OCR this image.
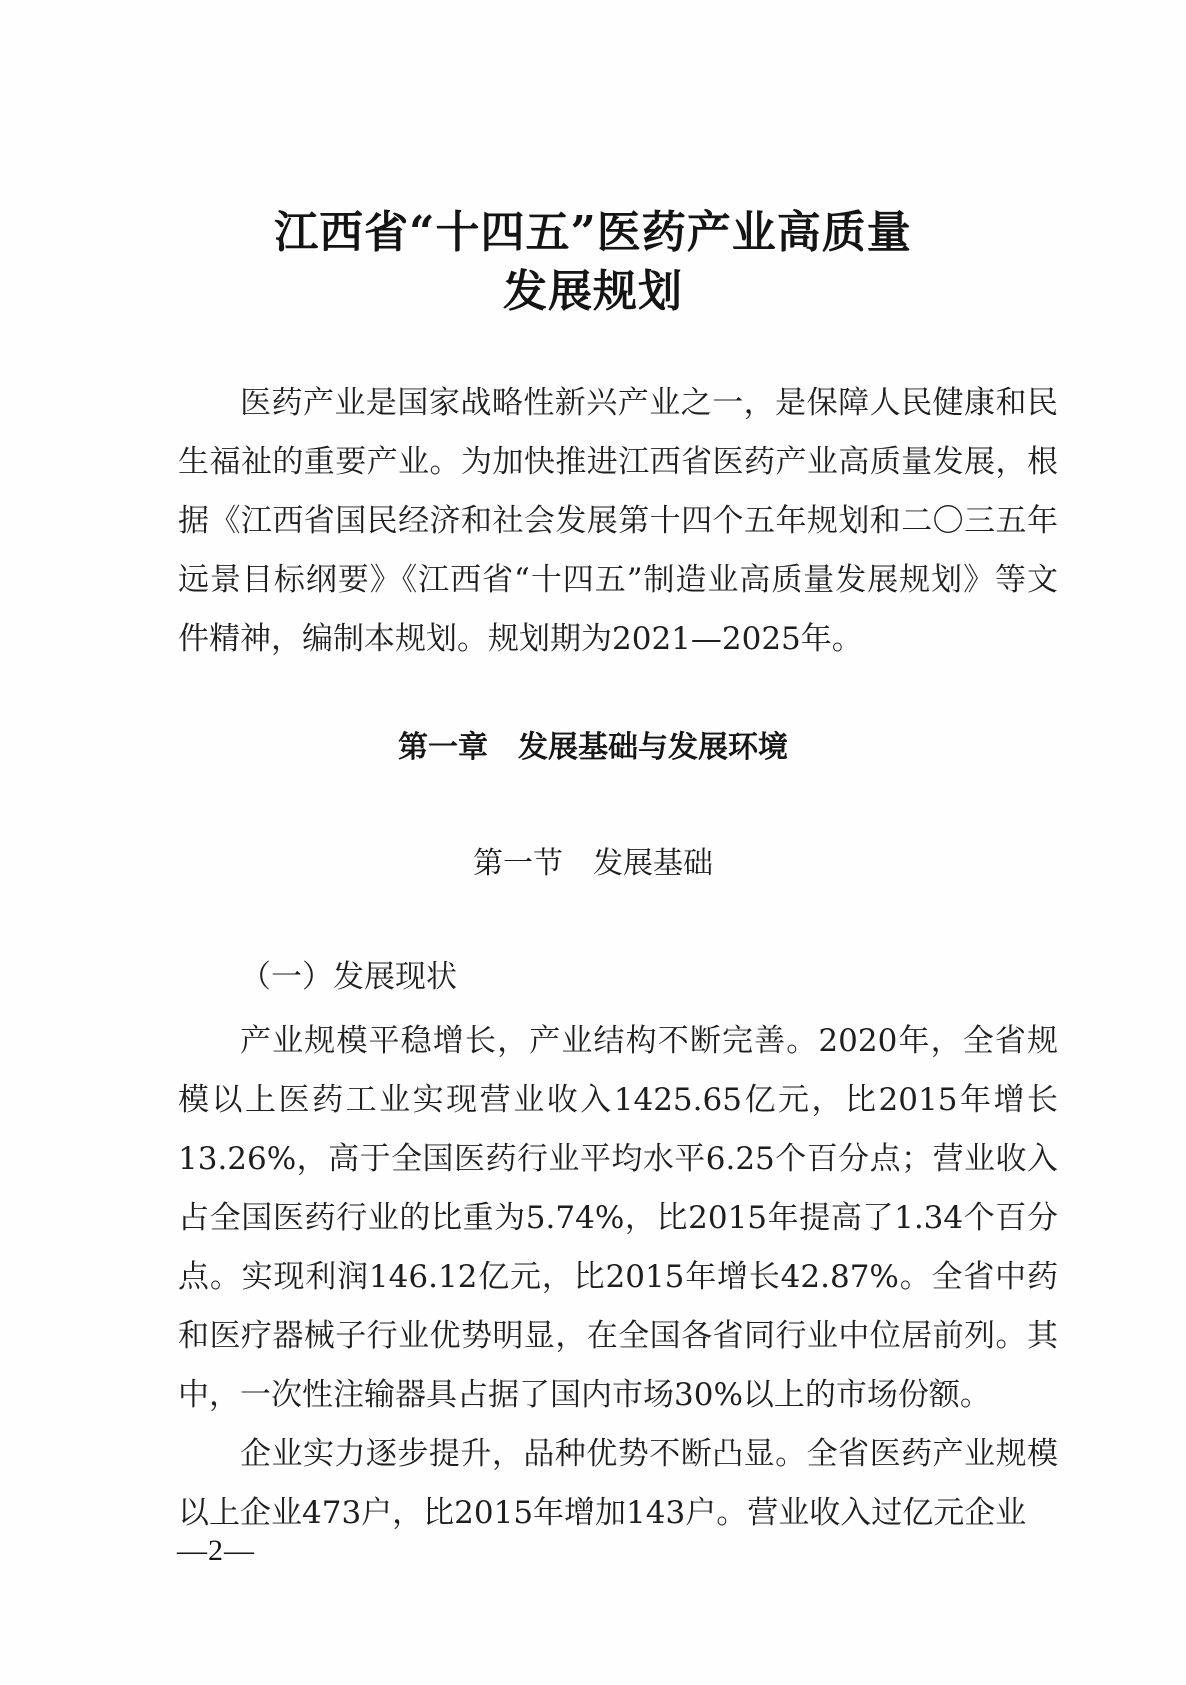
江西省“十四五”医药产业高质量
发展规划

医药产业是国家战略性新兴产业之一，是保障人民健康和民生福祉的重要产业。为加快推进江西省医药产业高质量发展，根据《江西省国民经济和社会发展第十四个五年规划和二〇三五年远景目标纲要》《江西省“十四五”制造业高质量发展规划》等文件精神，编制本规划。规划期为2021—2025年。

第一章　发展基础与发展环境
第一节　发展基础

（一）发展现状

产业规模平稳增长，产业结构不断完善。2020年，全省规模以上医药工业实现营业收入1425.65亿元，比2015年增长13.26%，高于全国医药行业平均水平6.25个百分点；营业收入占全国医药行业的比重为5.74%，比2015年提高了1.34个百分点。实现利润146.12亿元，比2015年增长42.87%。全省中药和医疗器械子行业优势明显，在全国各省同行业中位居前列。其中，一次性注输器具占据了国内市场30%以上的市场份额。

企业实力逐步提升，品种优势不断凸显。全省医药产业规模以上企业473户，比2015年增加143户。营业收入过亿元企业

—2—
